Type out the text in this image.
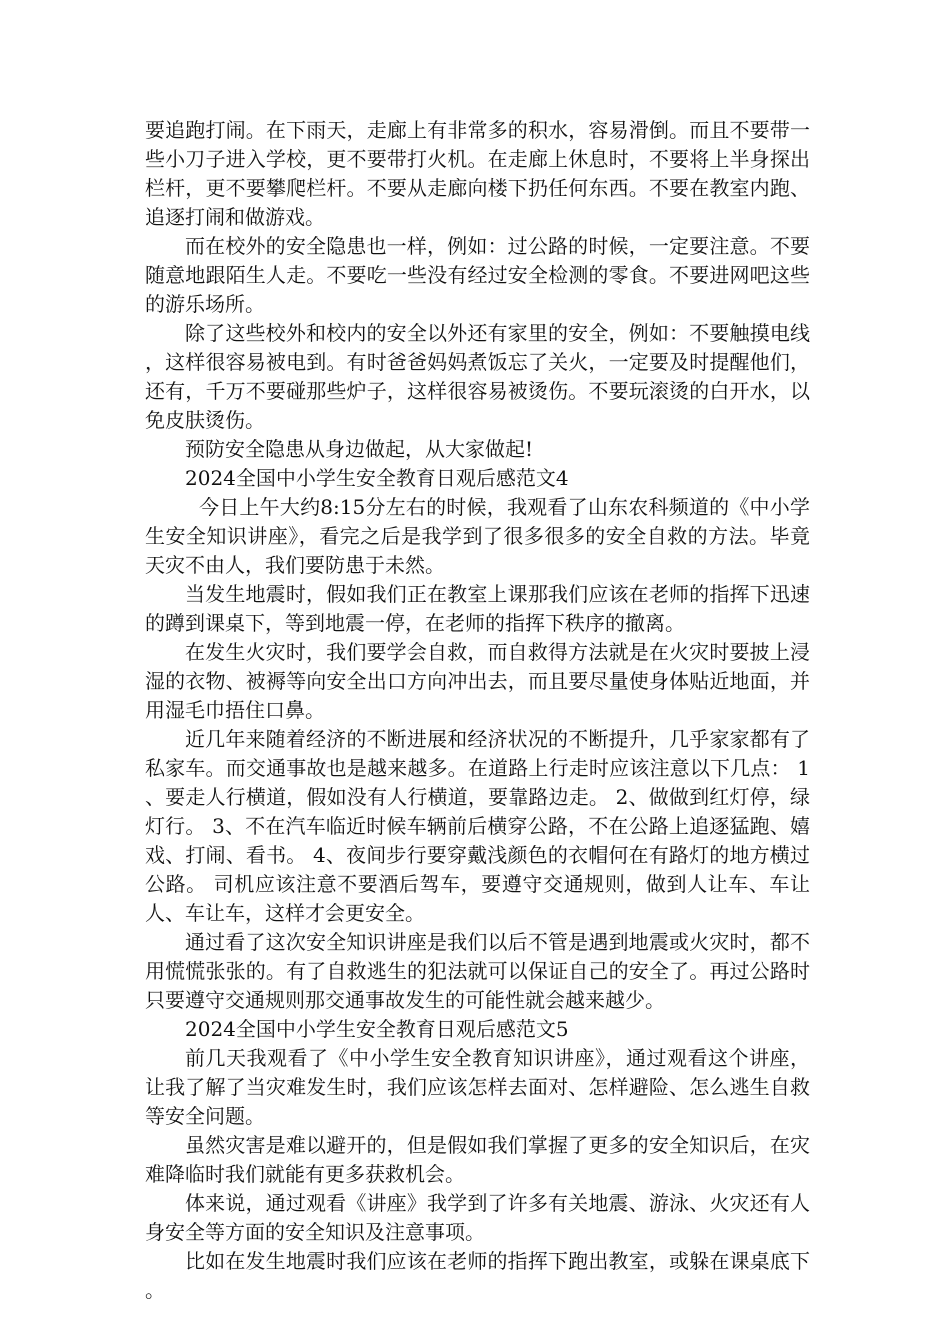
要追跑打闹。在下雨天，走廊上有非常多的积水，容易滑倒。而且不要带一些小刀子进入学校，更不要带打火机。在走廊上休息时，不要将上半身探出栏杆，更不要攀爬栏杆。不要从走廊向楼下扔任何东西。不要在教室内跑、追逐打闹和做游戏。

而在校外的安全隐患也一样，例如：过公路的时候，一定要注意。不要随意地跟陌生人走。不要吃一些没有经过安全检测的零食。不要进网吧这些的游乐场所。

除了这些校外和校内的安全以外还有家里的安全，例如：不要触摸电线，这样很容易被电到。有时爸爸妈妈煮饭忘了关火，一定要及时提醒他们，还有，千万不要碰那些炉子，这样很容易被烫伤。不要玩滚烫的白开水，以免皮肤烫伤。

预防安全隐患从身边做起，从大家做起!

2024全国中小学生安全教育日观后感范文4

今日上午大约8:15分左右的时候，我观看了山东农科频道的《中小学生安全知识讲座》，看完之后是我学到了很多很多的安全自救的方法。毕竟天灾不由人，我们要防患于未然。

当发生地震时，假如我们正在教室上课那我们应该在老师的指挥下迅速的蹲到课桌下，等到地震一停，在老师的指挥下秩序的撤离。

在发生火灾时，我们要学会自救，而自救得方法就是在火灾时要披上浸湿的衣物、被褥等向安全出口方向冲出去，而且要尽量使身体贴近地面，并用湿毛巾捂住口鼻。

近几年来随着经济的不断进展和经济状况的不断提升，几乎家家都有了私家车。而交通事故也是越来越多。在道路上行走时应该注意以下几点： 1、要走人行横道，假如没有人行横道，要靠路边走。 2、做做到红灯停，绿灯行。 3、不在汽车临近时候车辆前后横穿公路，不在公路上追逐猛跑、嬉戏、打闹、看书。 4、夜间步行要穿戴浅颜色的衣帽何在有路灯的地方横过公路。 司机应该注意不要酒后驾车，要遵守交通规则，做到人让车、车让人、车让车，这样才会更安全。

通过看了这次安全知识讲座是我们以后不管是遇到地震或火灾时，都不用慌慌张张的。有了自救逃生的犯法就可以保证自己的安全了。再过公路时只要遵守交通规则那交通事故发生的可能性就会越来越少。

2024全国中小学生安全教育日观后感范文5

前几天我观看了《中小学生安全教育知识讲座》，通过观看这个讲座，让我了解了当灾难发生时，我们应该怎样去面对、怎样避险、怎么逃生自救等安全问题。

虽然灾害是难以避开的，但是假如我们掌握了更多的安全知识后，在灾难降临时我们就能有更多获救机会。

体来说，通过观看《讲座》我学到了许多有关地震、游泳、火灾还有人身安全等方面的安全知识及注意事项。

比如在发生地震时我们应该在老师的指挥下跑出教室，或躲在课桌底下。
